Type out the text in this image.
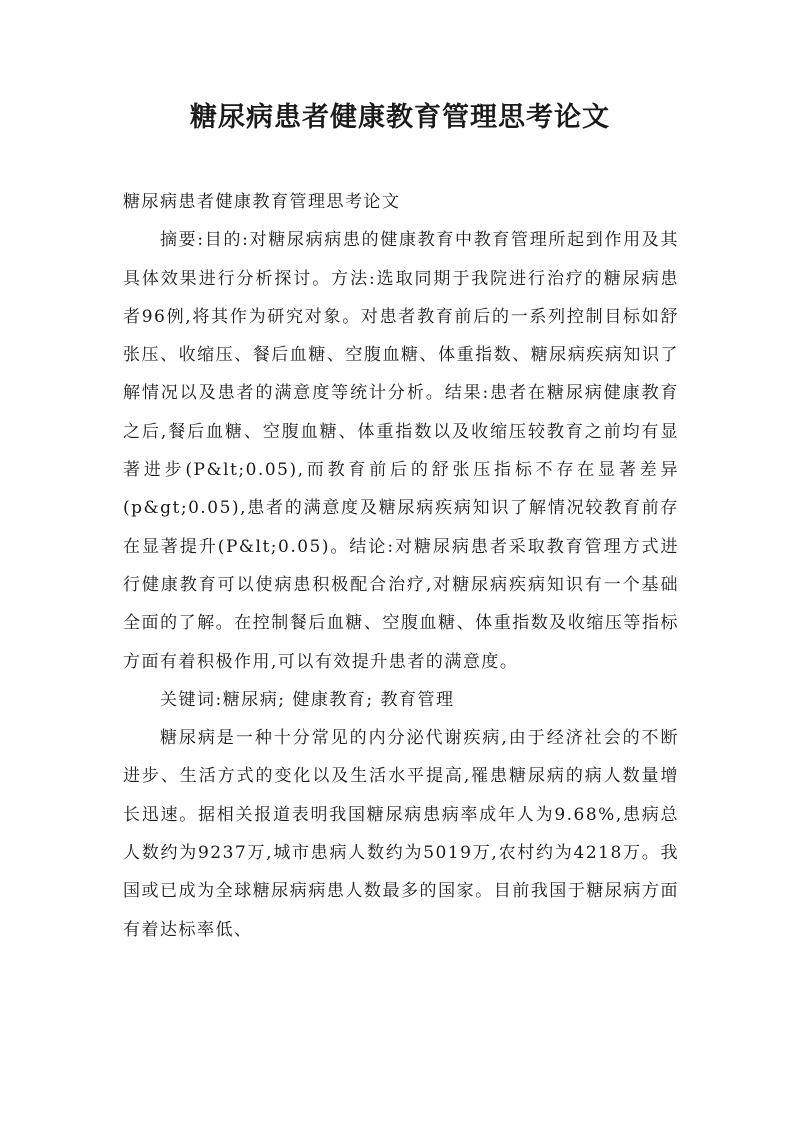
糖尿病患者健康教育管理思考论文

糖尿病患者健康教育管理思考论文

摘要:目的:对糖尿病病患的健康教育中教育管理所起到作用及其具体效果进行分析探讨。方法:选取同期于我院进行治疗的糖尿病患者96例,将其作为研究对象。对患者教育前后的一系列控制目标如舒张压、收缩压、餐后血糖、空腹血糖、体重指数、糖尿病疾病知识了解情况以及患者的满意度等统计分析。结果:患者在糖尿病健康教育之后,餐后血糖、空腹血糖、体重指数以及收缩压较教育之前均有显著进步(P&lt;0.05),而教育前后的舒张压指标不存在显著差异(p&gt;0.05),患者的满意度及糖尿病疾病知识了解情况较教育前存在显著提升(P&lt;0.05)。结论:对糖尿病患者采取教育管理方式进行健康教育可以使病患积极配合治疗,对糖尿病疾病知识有一个基础全面的了解。在控制餐后血糖、空腹血糖、体重指数及收缩压等指标方面有着积极作用,可以有效提升患者的满意度。

关键词:糖尿病; 健康教育; 教育管理

糖尿病是一种十分常见的内分泌代谢疾病,由于经济社会的不断进步、生活方式的变化以及生活水平提高,罹患糖尿病的病人数量增长迅速。据相关报道表明我国糖尿病患病率成年人为9.68%,患病总人数约为9237万,城市患病人数约为5019万,农村约为4218万。我国或已成为全球糖尿病病患人数最多的国家。目前我国于糖尿病方面有着达标率低、
